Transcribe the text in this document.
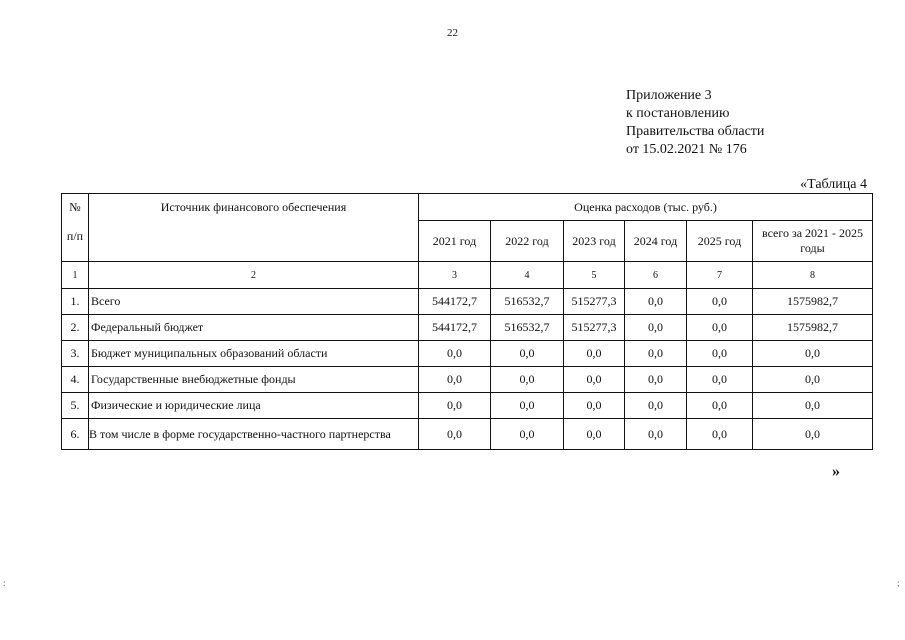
22
Приложение 3
к постановлению
Правительства области
от 15.02.2021 № 176
«Таблица 4
№
п/п	Источник финансового обеспечения	Оценка расходов (тыс. руб.)					
		2021 год	2022 год	2023 год	2024 год	2025 год	всего за 2021 - 2025
годы

1	2	3	4	5	6	7	8
1.	Всего	544172,7	516532,7	515277,3	0,0	0,0	1575982,7
2.	Федеральный бюджет	544172,7	516532,7	515277,3	0,0	0,0	1575982,7
3.	Бюджет муниципальных образований области	0,0	0,0	0,0	0,0	0,0	0,0
4.	Государственные внебюджетные фонды	0,0	0,0	0,0	0,0	0,0	0,0
5.	Физические и юридические лица	0,0	0,0	0,0	0,0	0,0	0,0
6.	В том числе в форме государственно-частного партнерства	0,0	0,0	0,0	0,0	0,0	0,0
»
:	;
